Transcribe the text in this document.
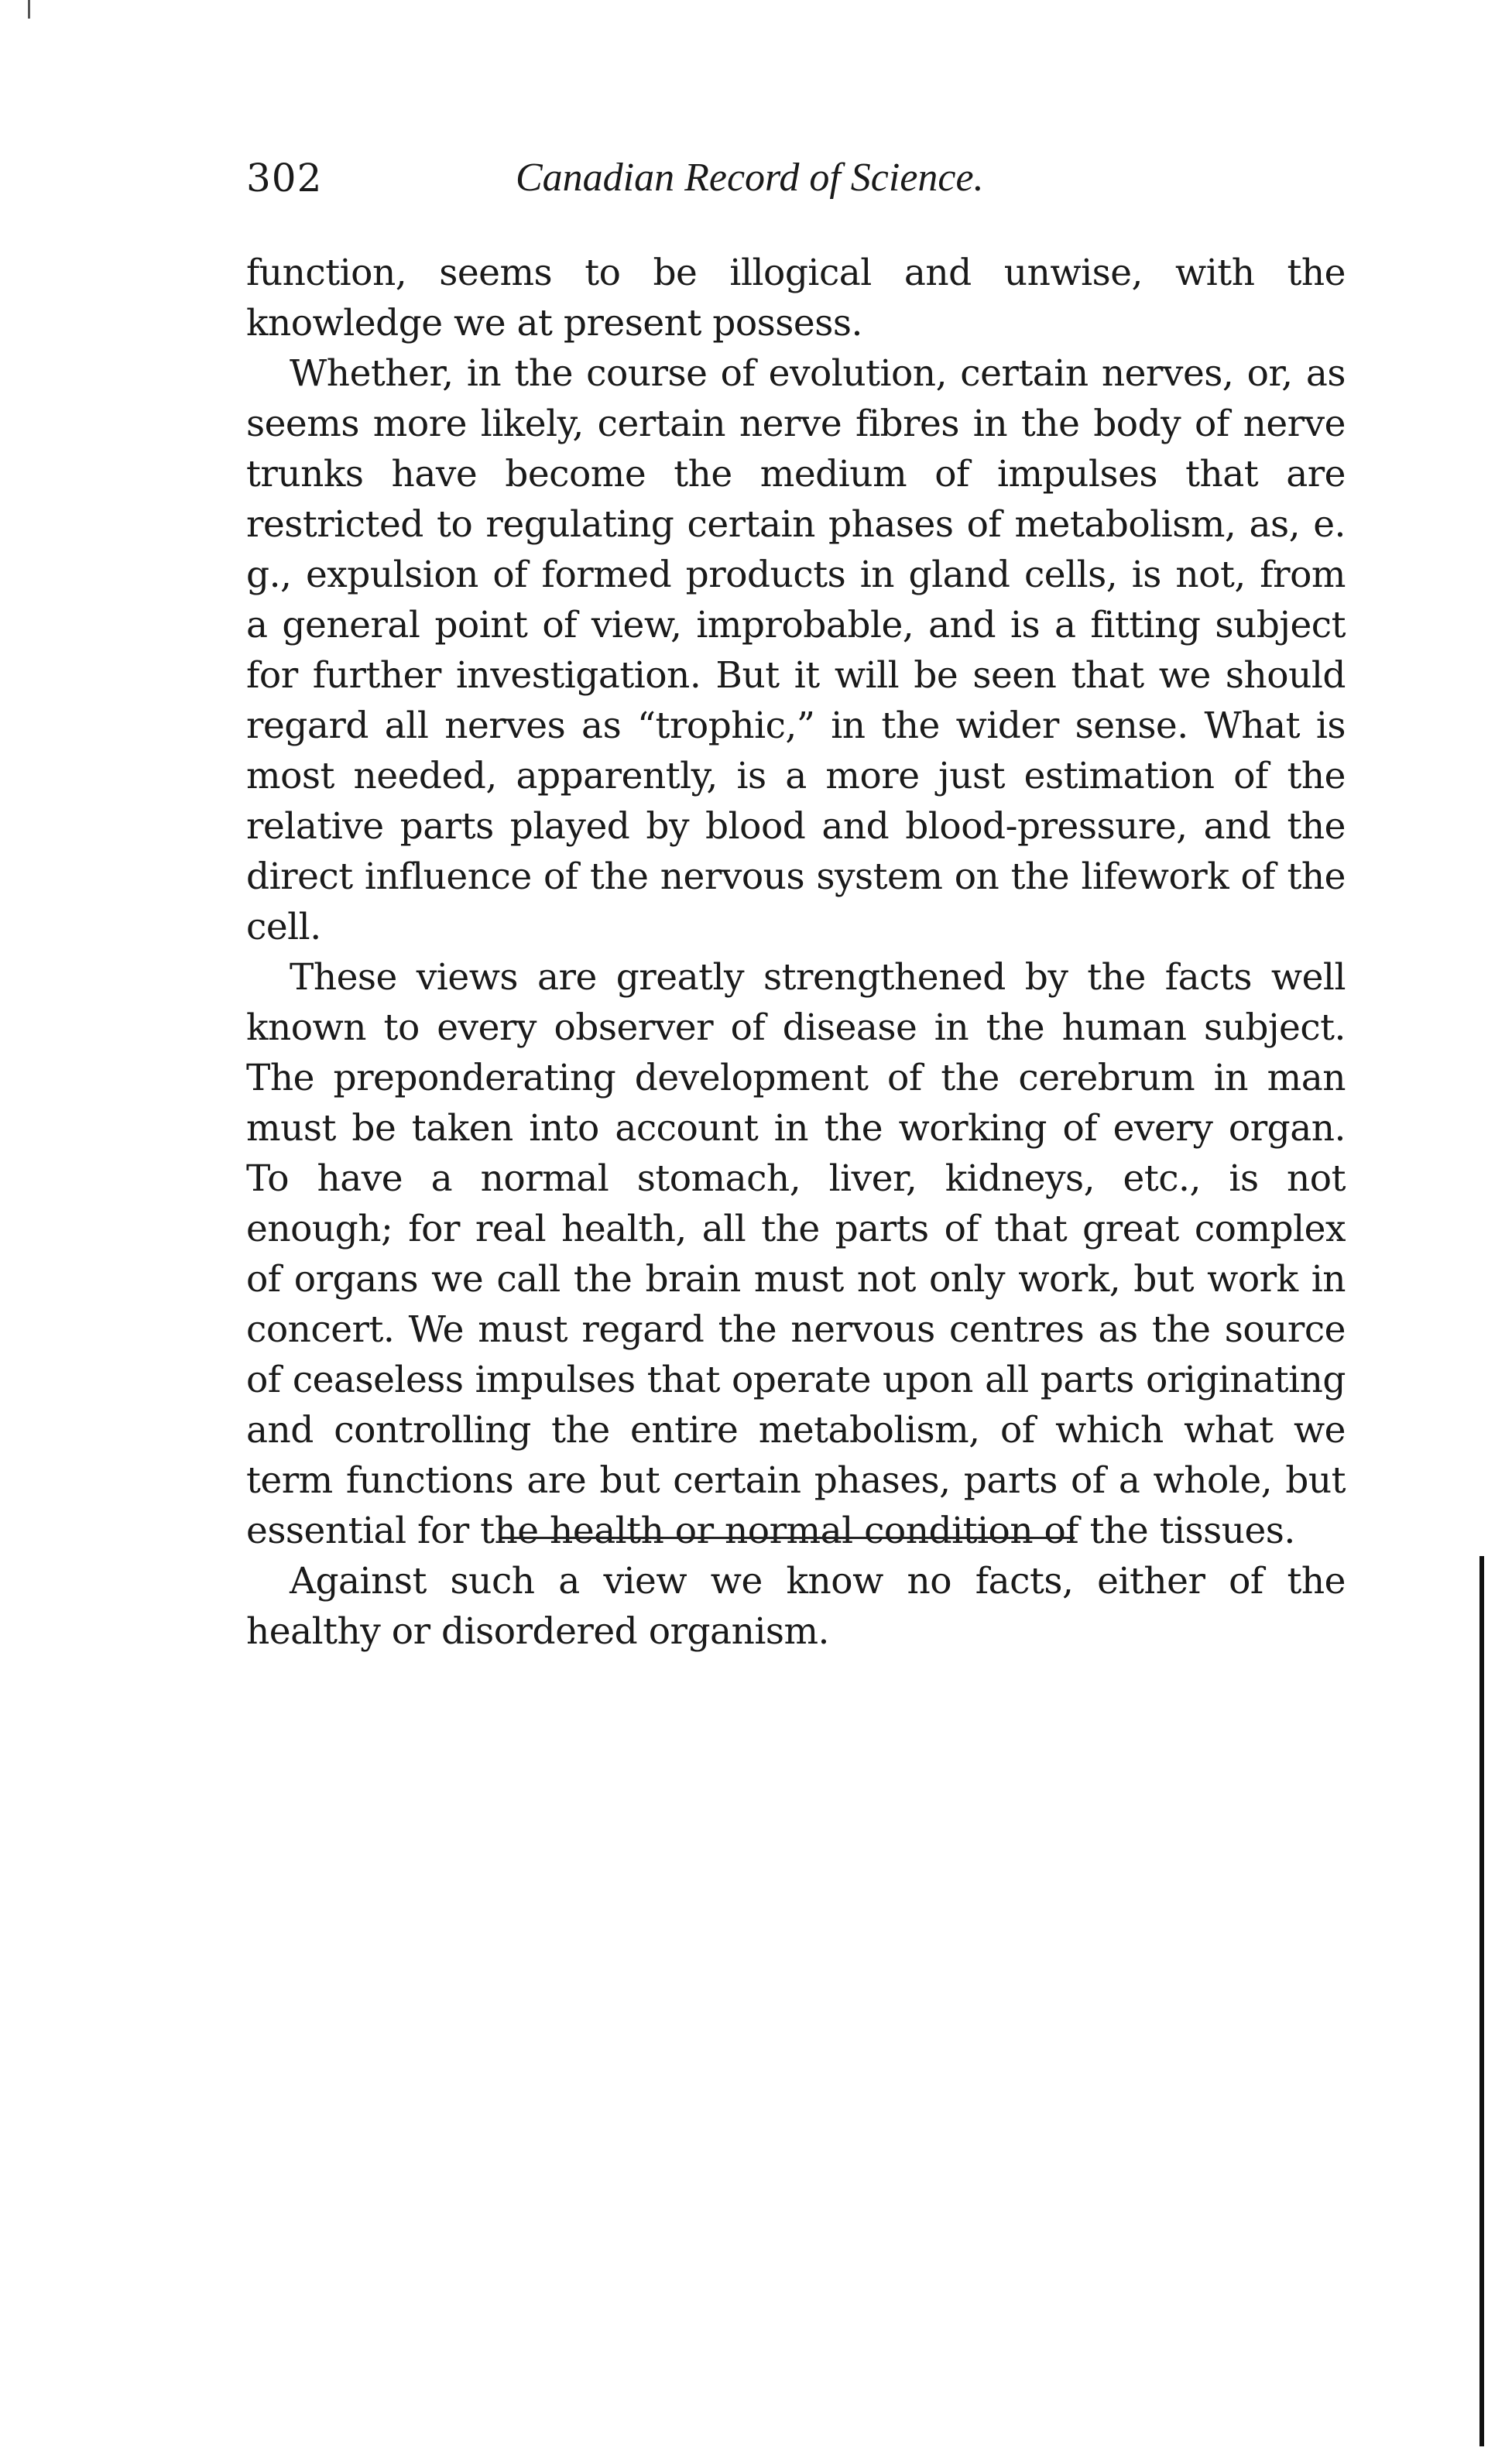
302	Canadian Record of Science.

function, seems to be illogical and unwise, with the knowledge we at present possess.

Whether, in the course of evolution, certain nerves, or, as seems more likely, certain nerve fibres in the body of nerve trunks have become the medium of impulses that are restricted to regulating certain phases of metabolism, as, e. g., expulsion of formed products in gland cells, is not, from a general point of view, improbable, and is a fitting subject for further investigation. But it will be seen that we should regard all nerves as “trophic,” in the wider sense. What is most needed, apparently, is a more just estimation of the relative parts played by blood and blood-pressure, and the direct influence of the nervous system on the lifework of the cell.

These views are greatly strengthened by the facts well known to every observer of disease in the human subject. The preponderating development of the cerebrum in man must be taken into account in the working of every organ. To have a normal stomach, liver, kidneys, etc., is not enough; for real health, all the parts of that great complex of organs we call the brain must not only work, but work in concert. We must regard the nervous centres as the source of ceaseless impulses that operate upon all parts originating and controlling the entire metabolism, of which what we term functions are but certain phases, parts of a whole, but essential for the health or normal condition of the tissues.

Against such a view we know no facts, either of the healthy or disordered organism.
